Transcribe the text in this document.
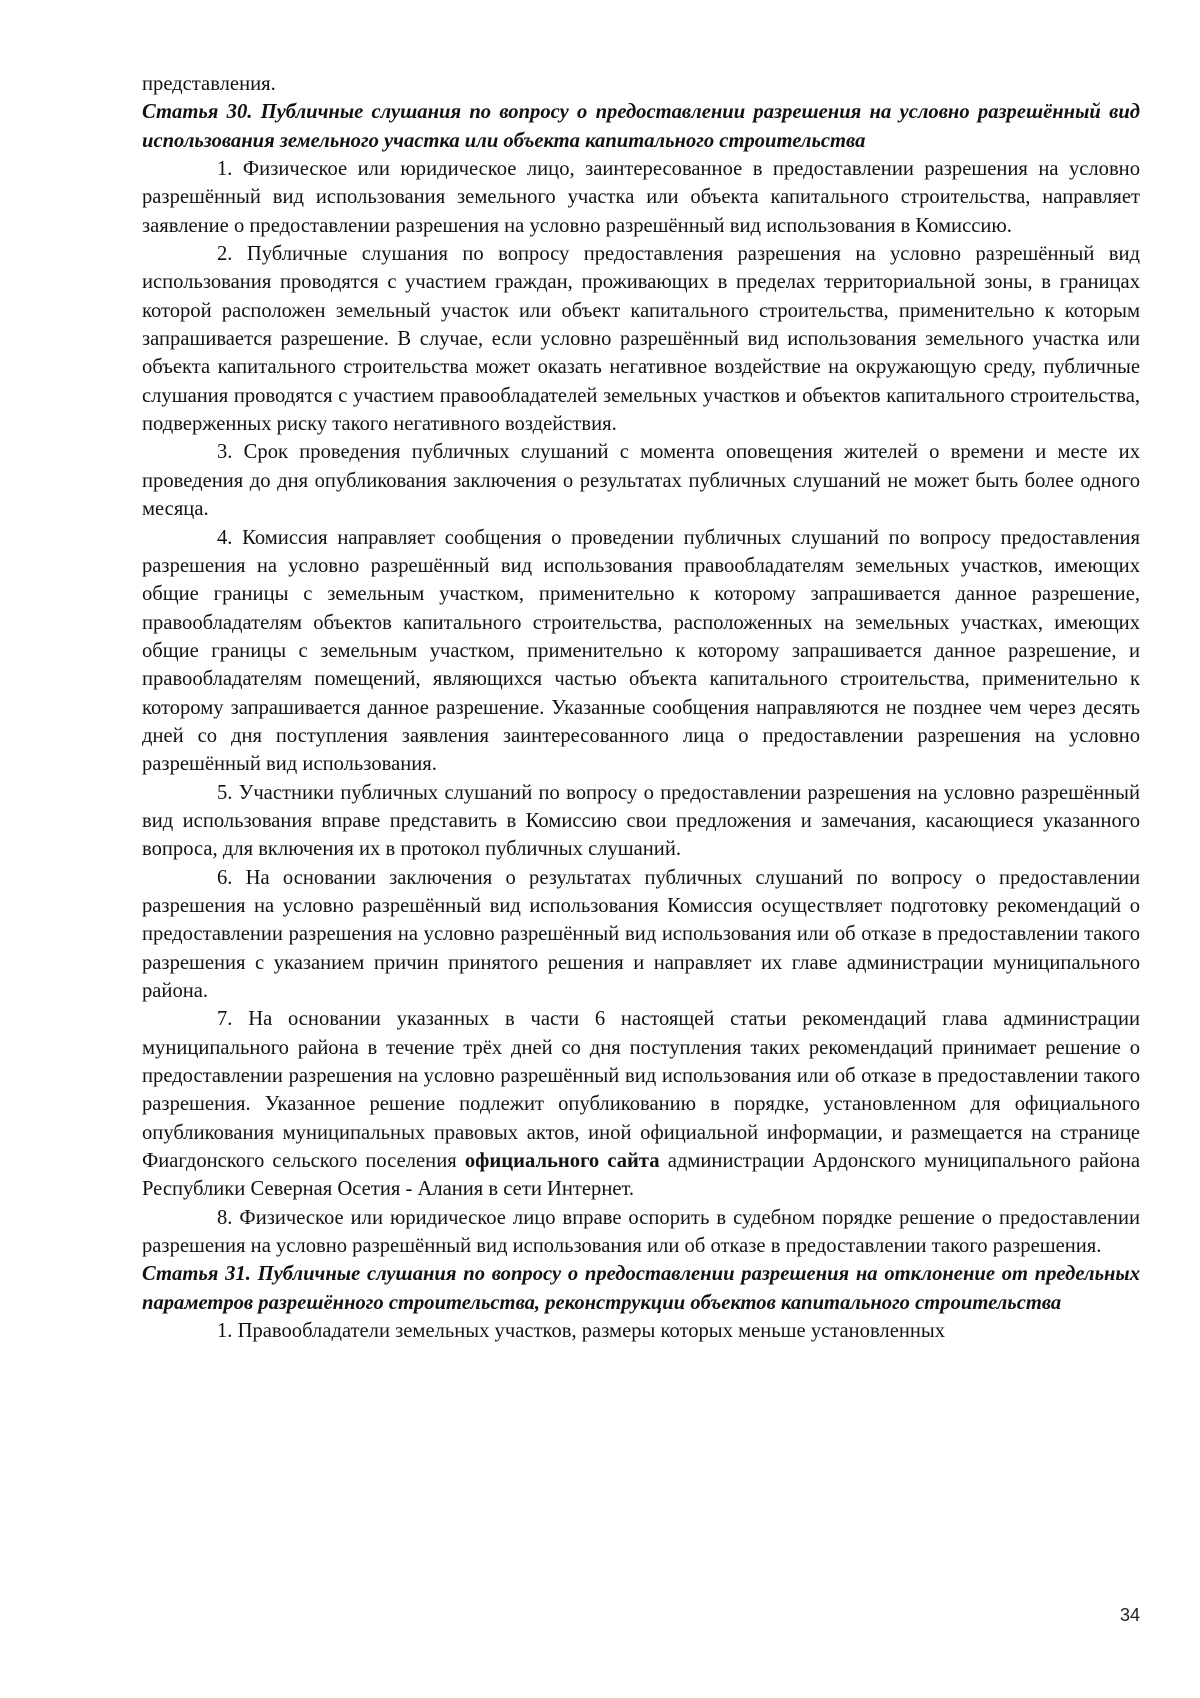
представления.

Статья 30. Публичные слушания по вопросу о предоставлении разрешения на условно разрешённый вид использования земельного участка или объекта капитального строительства

1. Физическое или юридическое лицо, заинтересованное в предоставлении разрешения на условно разрешённый вид использования земельного участка или объекта капитального строительства, направляет заявление о предоставлении разрешения на условно разрешённый вид использования в Комиссию.

2. Публичные слушания по вопросу предоставления разрешения на условно разрешённый вид использования проводятся с участием граждан, проживающих в пределах территориальной зоны, в границах которой расположен земельный участок или объект капитального строительства, применительно к которым запрашивается разрешение. В случае, если условно разрешённый вид использования земельного участка или объекта капитального строительства может оказать негативное воздействие на окружающую среду, публичные слушания проводятся с участием правообладателей земельных участков и объектов капитального строительства, подверженных риску такого негативного воздействия.

3. Срок проведения публичных слушаний с момента оповещения жителей о времени и месте их проведения до дня опубликования заключения о результатах публичных слушаний не может быть более одного месяца.

4. Комиссия направляет сообщения о проведении публичных слушаний по вопросу предоставления разрешения на условно разрешённый вид использования правообладателям земельных участков, имеющих общие границы с земельным участком, применительно к которому запрашивается данное разрешение, правообладателям объектов капитального строительства, расположенных на земельных участках, имеющих общие границы с земельным участком, применительно к которому запрашивается данное разрешение, и правообладателям помещений, являющихся частью объекта капитального строительства, применительно к которому запрашивается данное разрешение. Указанные сообщения направляются не позднее чем через десять дней со дня поступления заявления заинтересованного лица о предоставлении разрешения на условно разрешённый вид использования.

5. Участники публичных слушаний по вопросу о предоставлении разрешения на условно разрешённый вид использования вправе представить в Комиссию свои предложения и замечания, касающиеся указанного вопроса, для включения их в протокол публичных слушаний.

6. На основании заключения о результатах публичных слушаний по вопросу о предоставлении разрешения на условно разрешённый вид использования Комиссия осуществляет подготовку рекомендаций о предоставлении разрешения на условно разрешённый вид использования или об отказе в предоставлении такого разрешения с указанием причин принятого решения и направляет их главе администрации муниципального района.

7. На основании указанных в части 6 настоящей статьи рекомендаций глава администрации муниципального района в течение трёх дней со дня поступления таких рекомендаций принимает решение о предоставлении разрешения на условно разрешённый вид использования или об отказе в предоставлении такого разрешения. Указанное решение подлежит опубликованию в порядке, установленном для официального опубликования муниципальных правовых актов, иной официальной информации, и размещается на странице Фиагдонского сельского поселения официального сайта администрации Ардонского муниципального района Республики Северная Осетия - Алания в сети Интернет.

8. Физическое или юридическое лицо вправе оспорить в судебном порядке решение о предоставлении разрешения на условно разрешённый вид использования или об отказе в предоставлении такого разрешения.

Статья 31. Публичные слушания по вопросу о предоставлении разрешения на отклонение от предельных параметров разрешённого строительства, реконструкции объектов капитального строительства

1. Правообладатели земельных участков, размеры которых меньше установленных

34
